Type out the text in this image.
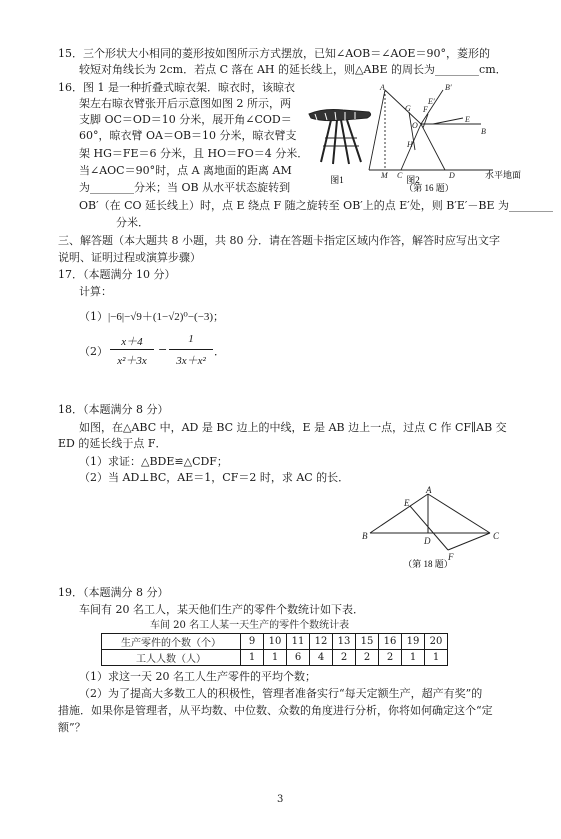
15．三个形状大小相同的菱形按如图所示方式摆放，已知∠AOB＝∠AOE＝90°，菱形的
较短对角线长为 2cm．若点 C 落在 AH 的延长线上，则△ABE 的周长为________cm．
16．图 1 是一种折叠式晾衣架．晾衣时，该晾衣
架左右晾衣臂张开后示意图如图 2 所示，两
支脚 OC＝OD＝10 分米，展开角∠COD＝
60°，晾衣臂 OA＝OB＝10 分米，晾衣臂支
架 HG＝FE＝6 分米，且 HO＝FO＝4 分米．
当∠AOC＝90°时，点 A 离地面的距离 AM
为________分米；当 OB 从水平状态旋转到
OB′（在 CO 延长线上）时，点 E 绕点 F 随之旋转至 OB′上的点 E′处，则 B′E′－BE 为________
分米．
图1
A
G F
E′
B′
O
E
B
H
M C	D
图2	水平地面
（第 16 题）
三、解答题（本大题共 8 小题，共 80 分．请在答题卡指定区域内作答，解答时应写出文字
说明、证明过程或演算步骤）
17．（本题满分 10 分）
计算：
（1） |−6|−√9＋(1−√2)⁰−(−3)；
（2）
x＋4
x²＋3x
−
1
3x＋x²
．
18．（本题满分 8 分）
如图，在△ABC 中，AD 是 BC 边上的中线，E 是 AB 边上一点，过点 C 作 CF∥AB 交
ED 的延长线于点 F．
（1）求证：△BDE≌△CDF；
（2）当 AD⊥BC，AE＝1，CF＝2 时，求 AC 的长．
A
E
B	D
F
C
（第 18 题）
19．（本题满分 8 分）
车间有 20 名工人，某天他们生产的零件个数统计如下表．
车间 20 名工人某一天生产的零件个数统计表
生产零件的个数（个）	9	10	11	12	13	15	16	19	20
工人人数（人）	1	1	6	4	2	2	2	1	1
（1）求这一天 20 名工人生产零件的平均个数；
（2）为了提高大多数工人的积极性，管理者准备实行“每天定额生产，超产有奖”的
措施．如果你是管理者，从平均数、中位数、众数的角度进行分析，你将如何确定这个“定
额”？
3
